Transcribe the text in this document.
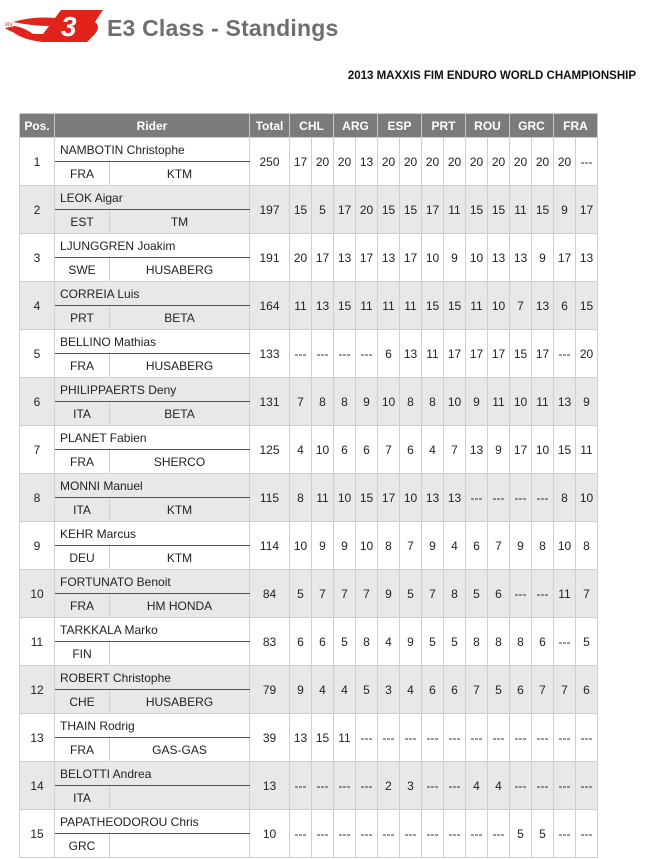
3
vis	E3 Class - Standings
2013 MAXXIS FIM ENDURO WORLD CHAMPIONSHIP
Pos.	Rider		Total	CHL		ARG		ESP		PRT		ROU		GRC		FRA	
1	NAMBOTIN Christophe		250	17	20	20	13	20	20	20	20	20	20	20	20	20	---
	FRA	KTM															
2	LEOK Aigar		197	15	5	17	20	15	15	17	11	15	15	11	15	9	17
	EST	TM															
3	LJUNGGREN Joakim		191	20	17	13	17	13	17	10	9	10	13	13	9	17	13
	SWE	HUSABERG															
4	CORREIA Luis		164	11	13	15	11	11	11	15	15	11	10	7	13	6	15
	PRT	BETA															
5	BELLINO Mathias		133	---	---	---	---	6	13	11	17	17	17	15	17	---	20
	FRA	HUSABERG															
6	PHILIPPAERTS Deny		131	7	8	8	9	10	8	8	10	9	11	10	11	13	9
	ITA	BETA															
7	PLANET Fabien		125	4	10	6	6	7	6	4	7	13	9	17	10	15	11
	FRA	SHERCO															
8	MONNI Manuel		115	8	11	10	15	17	10	13	13	---	---	---	---	8	10
	ITA	KTM															
9	KEHR Marcus		114	10	9	9	10	8	7	9	4	6	7	9	8	10	8
	DEU	KTM															
10	FORTUNATO Benoit		84	5	7	7	7	9	5	7	8	5	6	---	---	11	7
	FRA	HM HONDA															
11	TARKKALA Marko		83	6	6	5	8	4	9	5	5	8	8	8	6	---	5
	FIN																
12	ROBERT Christophe		79	9	4	4	5	3	4	6	6	7	5	6	7	7	6
	CHE	HUSABERG															
13	THAIN Rodrig		39	13	15	11	---	---	---	---	---	---	---	---	---	---	---
	FRA	GAS-GAS															
14	BELOTTI Andrea		13	---	---	---	---	2	3	---	---	4	4	---	---	---	---
	ITA																
15	PAPATHEODOROU Chris		10	---	---	---	---	---	---	---	---	---	---	5	5	---	---
	GRC																
